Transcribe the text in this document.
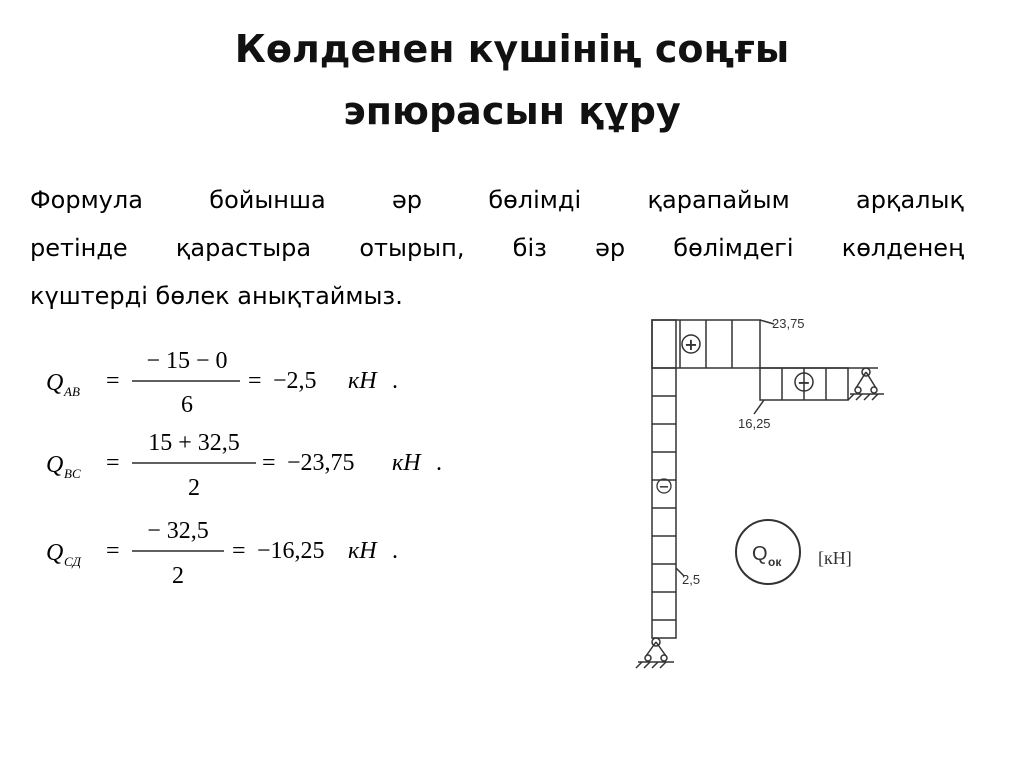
Көлденен күшінің соңғы
эпюрасын құру
Формула	бойынша	әр	бөлімді	қарапайым	арқалық
ретінде қарастыра отырып, біз әр бөлімдегі көлденең
күштерді бөлек анықтаймыз.
Q AB =
− 15 − 0
6
= −2,5 кН .
Q BC =
15 + 32,5
2
= −23,75 кН .
Q СД =
− 32,5
2
= −16,25 кН .
+
−
−
23,75
16,25
2,5
Q ок [кН]
